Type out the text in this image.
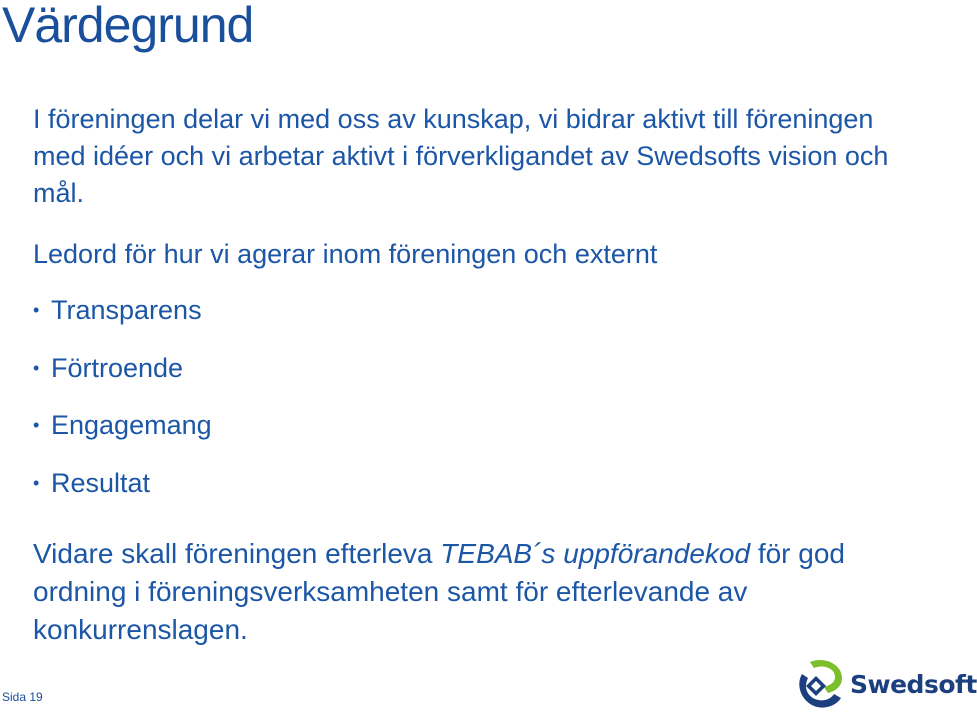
Värdegrund

I föreningen delar vi med oss av kunskap, vi bidrar aktivt till föreningen med idéer och vi arbetar aktivt i förverkligandet av Swedsofts vision och mål.

Ledord för hur vi agerar inom föreningen och externt

• Transparens
• Förtroende
• Engagemang
• Resultat

Vidare skall föreningen efterleva TEBAB´s uppförandekod för god ordning i föreningsverksamheten samt för efterlevande av konkurrenslagen.

Sida 19	Swedsoft
